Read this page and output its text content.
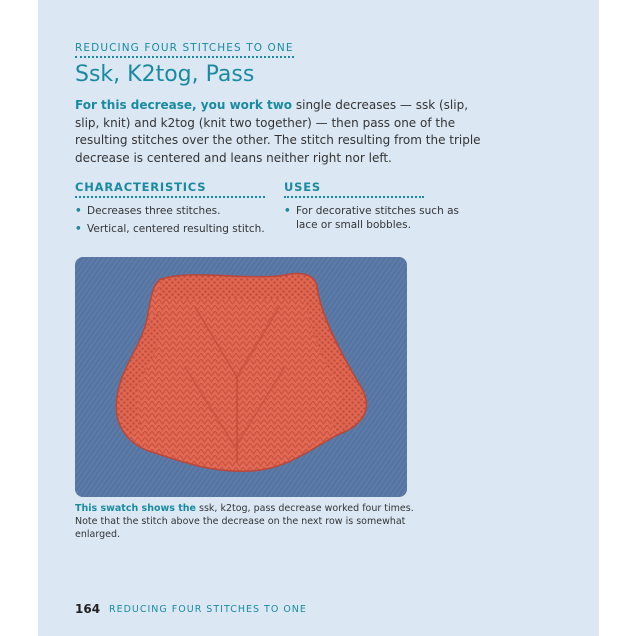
REDUCING FOUR STITCHES TO ONE
Ssk, K2tog, Pass
For this decrease, you work two single decreases — ssk (slip, slip, knit) and k2tog (knit two together) — then pass one of the resulting stitches over the other. The stitch resulting from the triple decrease is centered and leans neither right nor left.
CHARACTERISTICS
• Decreases three stitches.
• Vertical, centered resulting stitch.
USES
• For decorative stitches such as lace or small bobbles.
This swatch shows the ssk, k2tog, pass decrease worked four times. Note that the stitch above the decrease on the next row is somewhat enlarged.
164 REDUCING FOUR STITCHES TO ONE
